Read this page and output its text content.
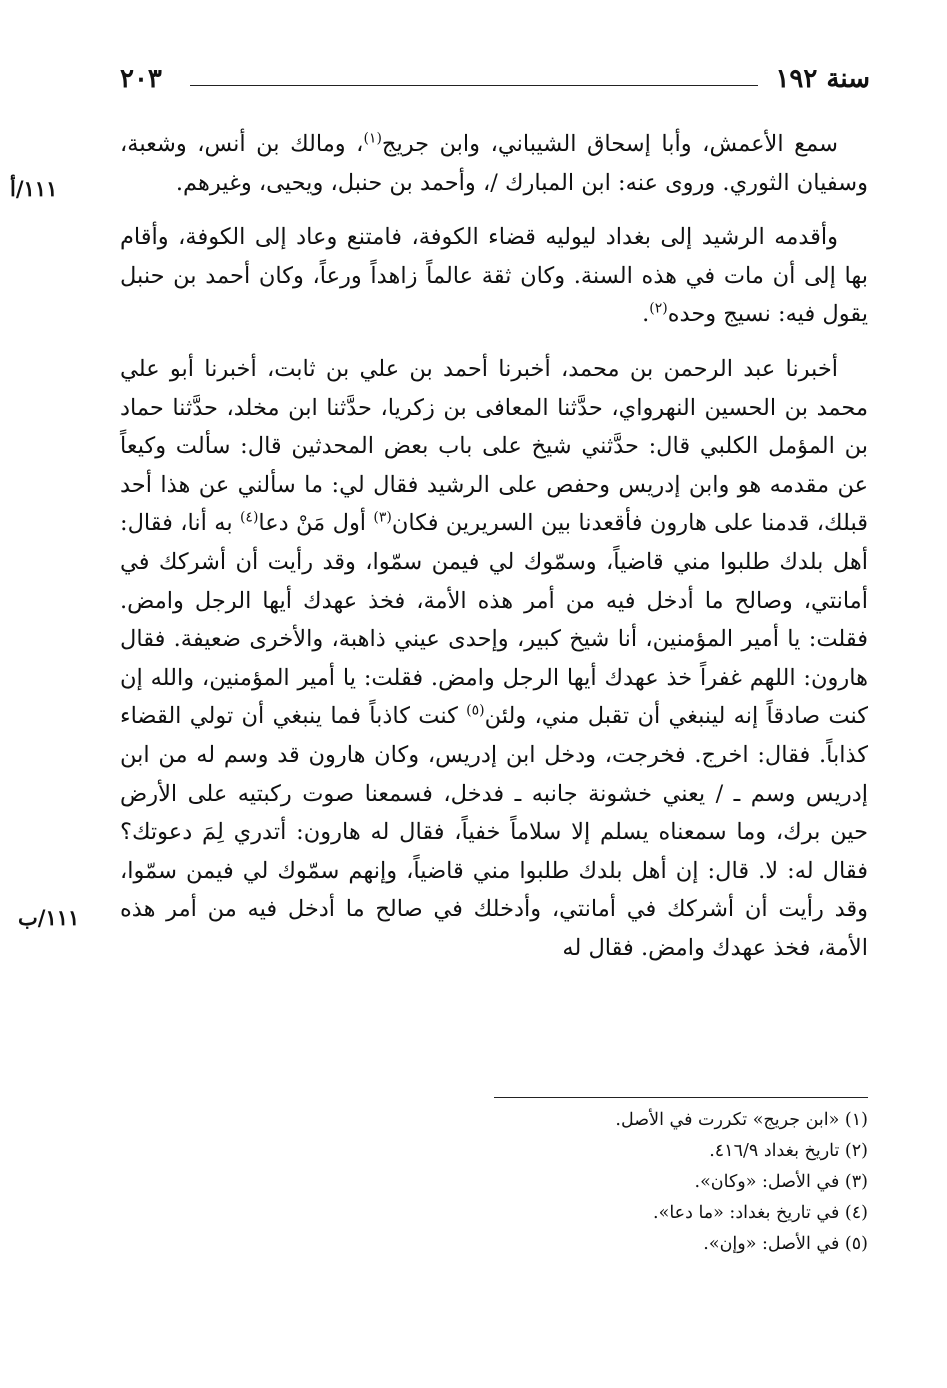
سنة ١٩٢
٢٠٣
١١١/أ
١١١/ب

سمع الأعمش، وأبا إسحاق الشيباني، وابن جريج$^{(١)}$، ومالك بن أنس، وشعبة، وسفيان الثوري. وروى عنه: ابن المبارك /، وأحمد بن حنبل، ويحيى، وغيرهم.

وأقدمه الرشيد إلى بغداد ليوليه قضاء الكوفة، فامتنع وعاد إلى الكوفة، وأقام بها إلى أن مات في هذه السنة. وكان ثقة عالماً زاهداً ورعاً، وكان أحمد بن حنبل يقول فيه: نسيج وحده$^{(٢)}$.

أخبرنا عبد الرحمن بن محمد، أخبرنا أحمد بن علي بن ثابت، أخبرنا أبو علي محمد بن الحسين النهرواي، حدَّثنا المعافى بن زكريا، حدَّثنا ابن مخلد، حدَّثنا حماد بن المؤمل الكلبي قال: حدَّثني شيخ على باب بعض المحدثين قال: سألت وكيعاً عن مقدمه هو وابن إدريس وحفص على الرشيد فقال لي: ما سألني عن هذا أحد قبلك، قدمنا على هارون فأقعدنا بين السريرين فكان$^{(٣)}$ أول مَنْ دعا$^{(٤)}$ به أنا، فقال: أهل بلدك طلبوا مني قاضياً، وسمّوك لي فيمن سمّوا، وقد رأيت أن أشركك في أمانتي، وصالح ما أدخل فيه من أمر هذه الأمة، فخذ عهدك أيها الرجل وامض. فقلت: يا أمير المؤمنين، أنا شيخ كبير، وإحدى عيني ذاهبة، والأخرى ضعيفة. فقال هارون: اللهم غفراً خذ عهدك أيها الرجل وامض. فقلت: يا أمير المؤمنين، والله إن كنت صادقاً إنه لينبغي أن تقبل مني، ولئن$^{(٥)}$ كنت كاذباً فما ينبغي أن تولي القضاء كذاباً. فقال: اخرج. فخرجت، ودخل ابن إدريس، وكان هارون قد وسم له من ابن إدريس وسم ـ / يعني خشونة جانبه ـ فدخل، فسمعنا صوت ركبتيه على الأرض حين برك، وما سمعناه يسلم إلا سلاماً خفياً، فقال له هارون: أتدري لِمَ دعوتك؟ فقال له: لا. قال: إن أهل بلدك طلبوا مني قاضياً، وإنهم سمّوك لي فيمن سمّوا، وقد رأيت أن أشركك في أمانتي، وأدخلك في صالح ما أدخل فيه من أمر هذه الأمة، فخذ عهدك وامض. فقال له

(١) «ابن جريج» تكررت في الأصل.

(٢) تاريخ بغداد ٤١٦/٩.

(٣) في الأصل: «وكان».

(٤) في تاريخ بغداد: «ما دعا».

(٥) في الأصل: «وإن».
